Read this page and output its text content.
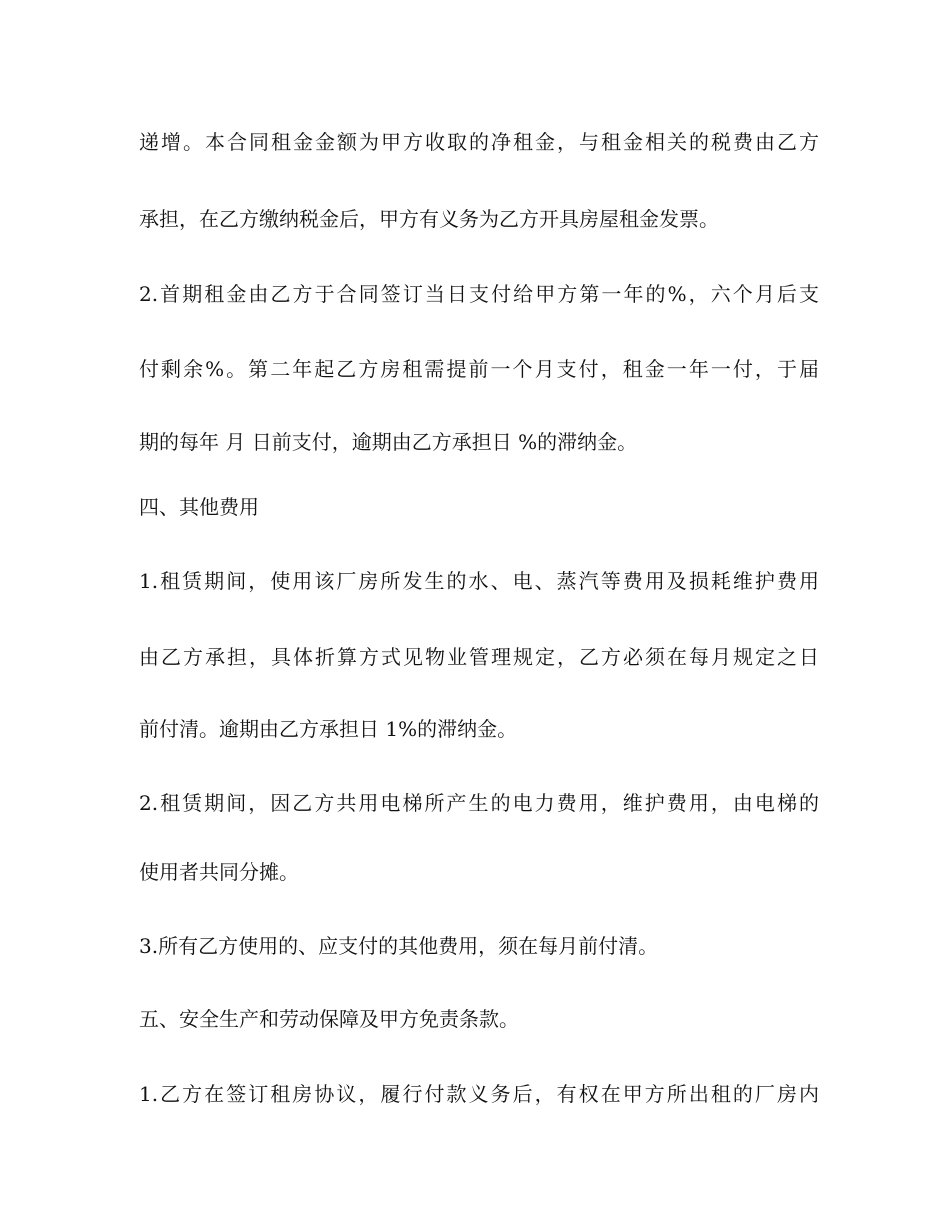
递增。本合同租金金额为甲方收取的净租金，与租金相关的税费由乙方
承担，在乙方缴纳税金后，甲方有义务为乙方开具房屋租金发票。
2.首期租金由乙方于合同签订当日支付给甲方第一年的%，六个月后支
付剩余%。第二年起乙方房租需提前一个月支付，租金一年一付，于届
期的每年 月 日前支付，逾期由乙方承担日 %的滞纳金。
四、其他费用
1.租赁期间，使用该厂房所发生的水、电、蒸汽等费用及损耗维护费用
由乙方承担，具体折算方式见物业管理规定，乙方必须在每月规定之日
前付清。逾期由乙方承担日 1%的滞纳金。
2.租赁期间，因乙方共用电梯所产生的电力费用，维护费用，由电梯的
使用者共同分摊。
3.所有乙方使用的、应支付的其他费用，须在每月前付清。
五、安全生产和劳动保障及甲方免责条款。
1.乙方在签订租房协议，履行付款义务后，有权在甲方所出租的厂房内
